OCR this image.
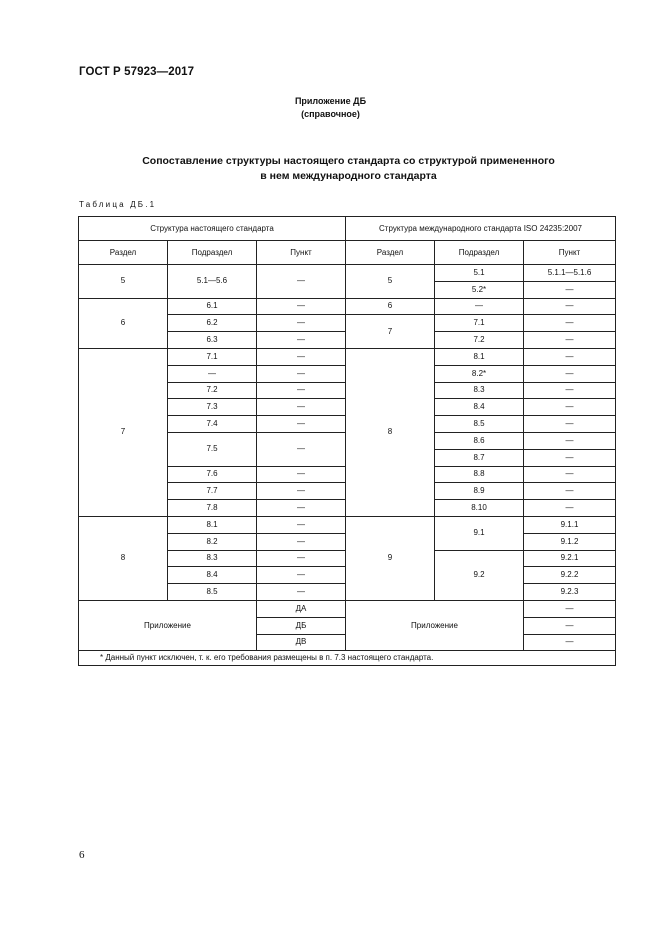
ГОСТ Р 57923—2017
Приложение ДБ
(справочное)
Сопоставление структуры настоящего стандарта со структурой примененного
в нем международного стандарта
Таблица ДБ.1
Структура настоящего стандарта			Структура международного стандарта ISO 24235:2007		
Раздел	Подраздел	Пункт	Раздел	Подраздел	Пункт
5	5.1—5.6	—	5	5.1	5.1.1—5.1.6
				5.2*	—
6	6.1	—	6	—	—
	6.2	—	7	7.1	—
	6.3	—		7.2	—
7	7.1	—	8	8.1	—
	—	—		8.2*	—
	7.2	—		8.3	—
	7.3	—		8.4	—
	7.4	—		8.5	—
	7.5	—		8.6	—
				8.7	—
	7.6	—		8.8	—
	7.7	—		8.9	—
	7.8	—		8.10	—
8	8.1	—	9	9.1	9.1.1
	8.2	—			9.1.2
	8.3	—		9.2	9.2.1
	8.4	—			9.2.2
	8.5	—			9.2.3
Приложение		ДА	Приложение		—
		ДБ			—
		ДВ			—
* Данный пункт исключен, т. к. его требования размещены в п. 7.3 настоящего стандарта.					
6
